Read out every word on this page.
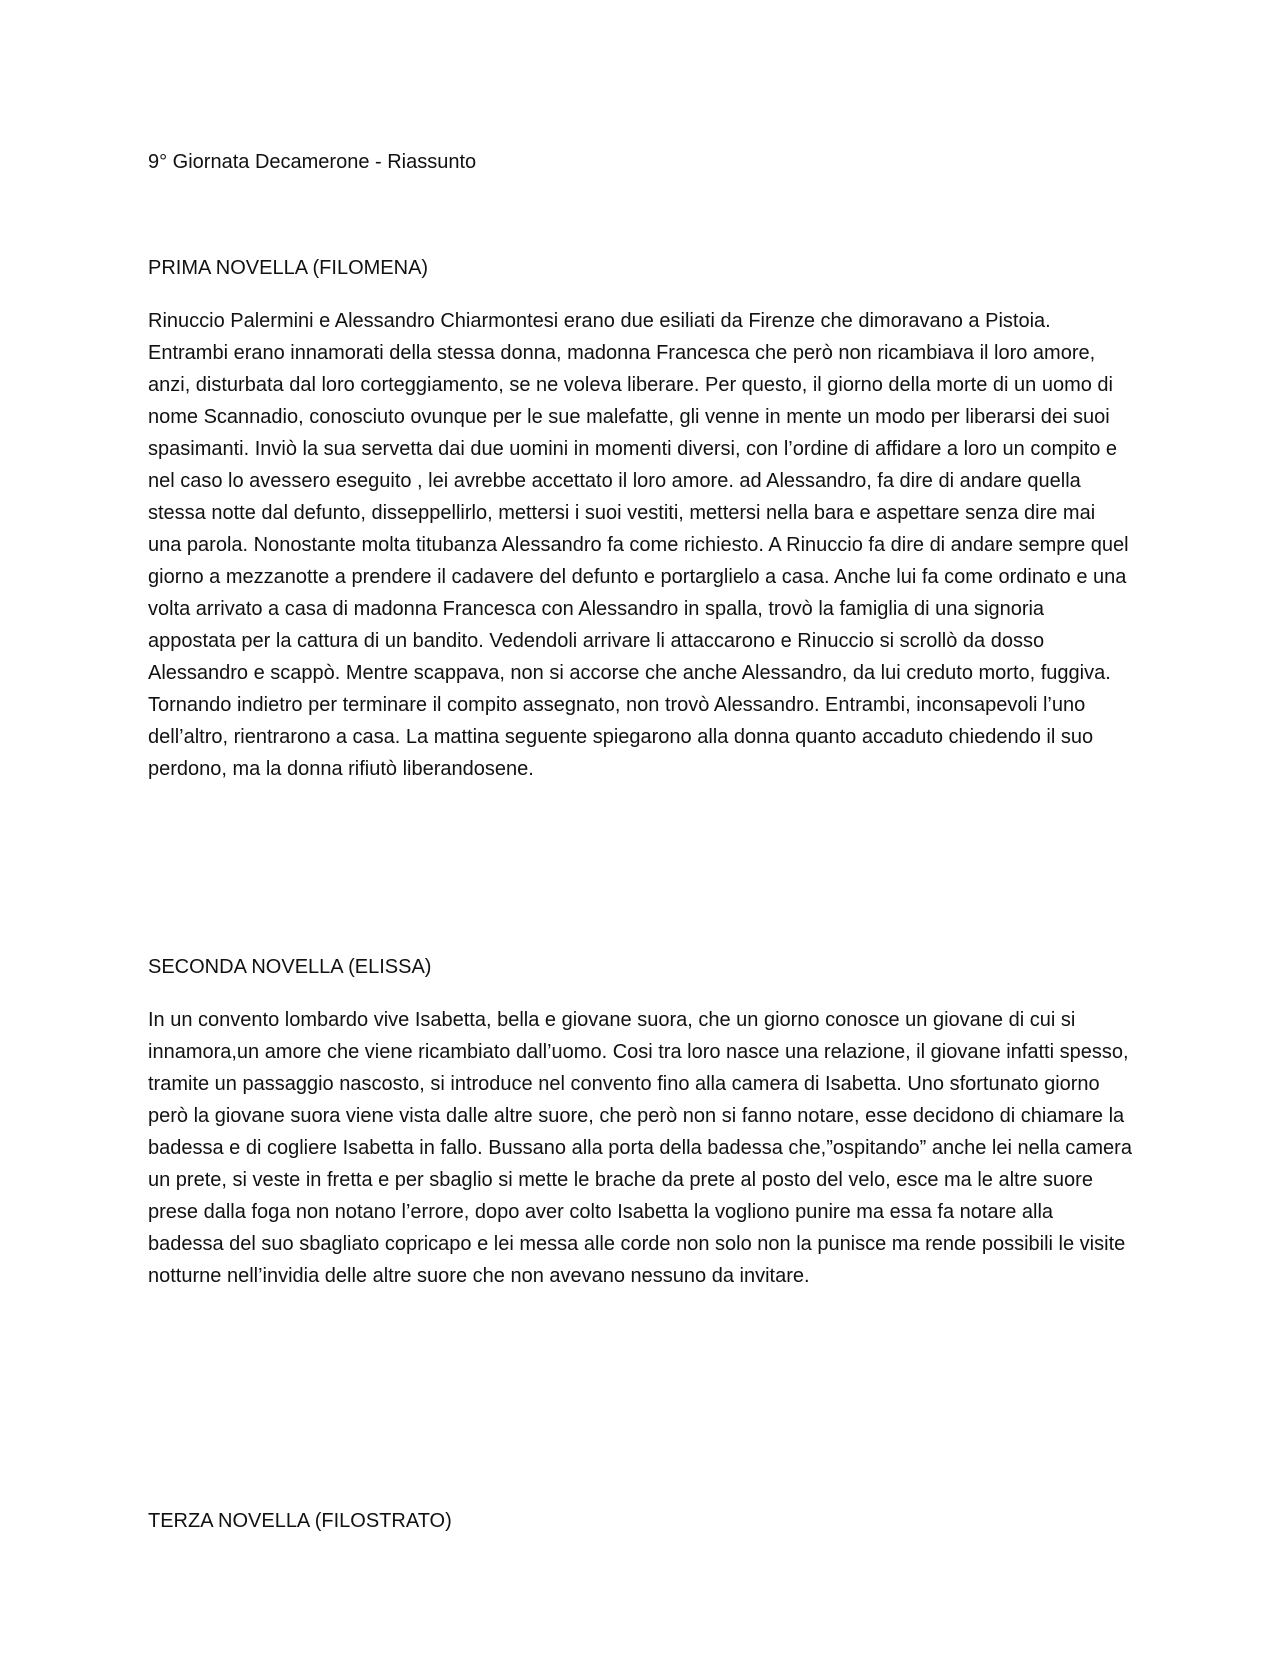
9° Giornata Decamerone - Riassunto
PRIMA NOVELLA (FILOMENA)

Rinuccio Palermini e Alessandro Chiarmontesi erano due esiliati da Firenze che dimoravano a Pistoia. Entrambi erano innamorati della stessa donna, madonna Francesca che però non ricambiava il loro amore, anzi, disturbata dal loro corteggiamento, se ne voleva liberare. Per questo, il giorno della morte di un uomo di nome Scannadio, conosciuto ovunque per le sue malefatte, gli venne in mente un modo per liberarsi dei suoi spasimanti. Inviò la sua servetta dai due uomini in momenti diversi, con l’ordine di affidare a loro un compito e nel caso lo avessero eseguito , lei avrebbe accettato il loro amore. ad Alessandro, fa dire di andare quella stessa notte dal defunto, disseppellirlo, mettersi i suoi vestiti, mettersi nella bara e aspettare senza dire mai una parola. Nonostante molta titubanza Alessandro fa come richiesto. A Rinuccio fa dire di andare sempre quel giorno a mezzanotte a prendere il cadavere del defunto e portarglielo a casa. Anche lui fa come ordinato e una volta arrivato a casa di madonna Francesca con Alessandro in spalla, trovò la famiglia di una signoria appostata per la cattura di un bandito. Vedendoli arrivare li attaccarono e Rinuccio si scrollò da dosso Alessandro e scappò. Mentre scappava, non si accorse che anche Alessandro, da lui creduto morto, fuggiva. Tornando indietro per terminare il compito assegnato, non trovò Alessandro. Entrambi, inconsapevoli l’uno dell’altro, rientrarono a casa. La mattina seguente spiegarono alla donna quanto accaduto chiedendo il suo perdono, ma la donna rifiutò liberandosene.

SECONDA NOVELLA (ELISSA)

In un convento lombardo vive Isabetta, bella e giovane suora, che un giorno conosce un giovane di cui si innamora,un amore che viene ricambiato dall’uomo. Cosi tra loro nasce una relazione, il giovane infatti spesso, tramite un passaggio nascosto, si introduce nel convento fino alla camera di Isabetta. Uno sfortunato giorno però la giovane suora viene vista dalle altre suore, che però non si fanno notare, esse decidono di chiamare la badessa e di cogliere Isabetta in fallo. Bussano alla porta della badessa che,”ospitando” anche lei nella camera un prete, si veste in fretta e per sbaglio si mette le brache da prete al posto del velo, esce ma le altre suore prese dalla foga non notano l’errore, dopo aver colto Isabetta la vogliono punire ma essa fa notare alla badessa del suo sbagliato copricapo e lei messa alle corde non solo non la punisce ma rende possibili le visite notturne nell’invidia delle altre suore che non avevano nessuno da invitare.

TERZA NOVELLA (FILOSTRATO)
